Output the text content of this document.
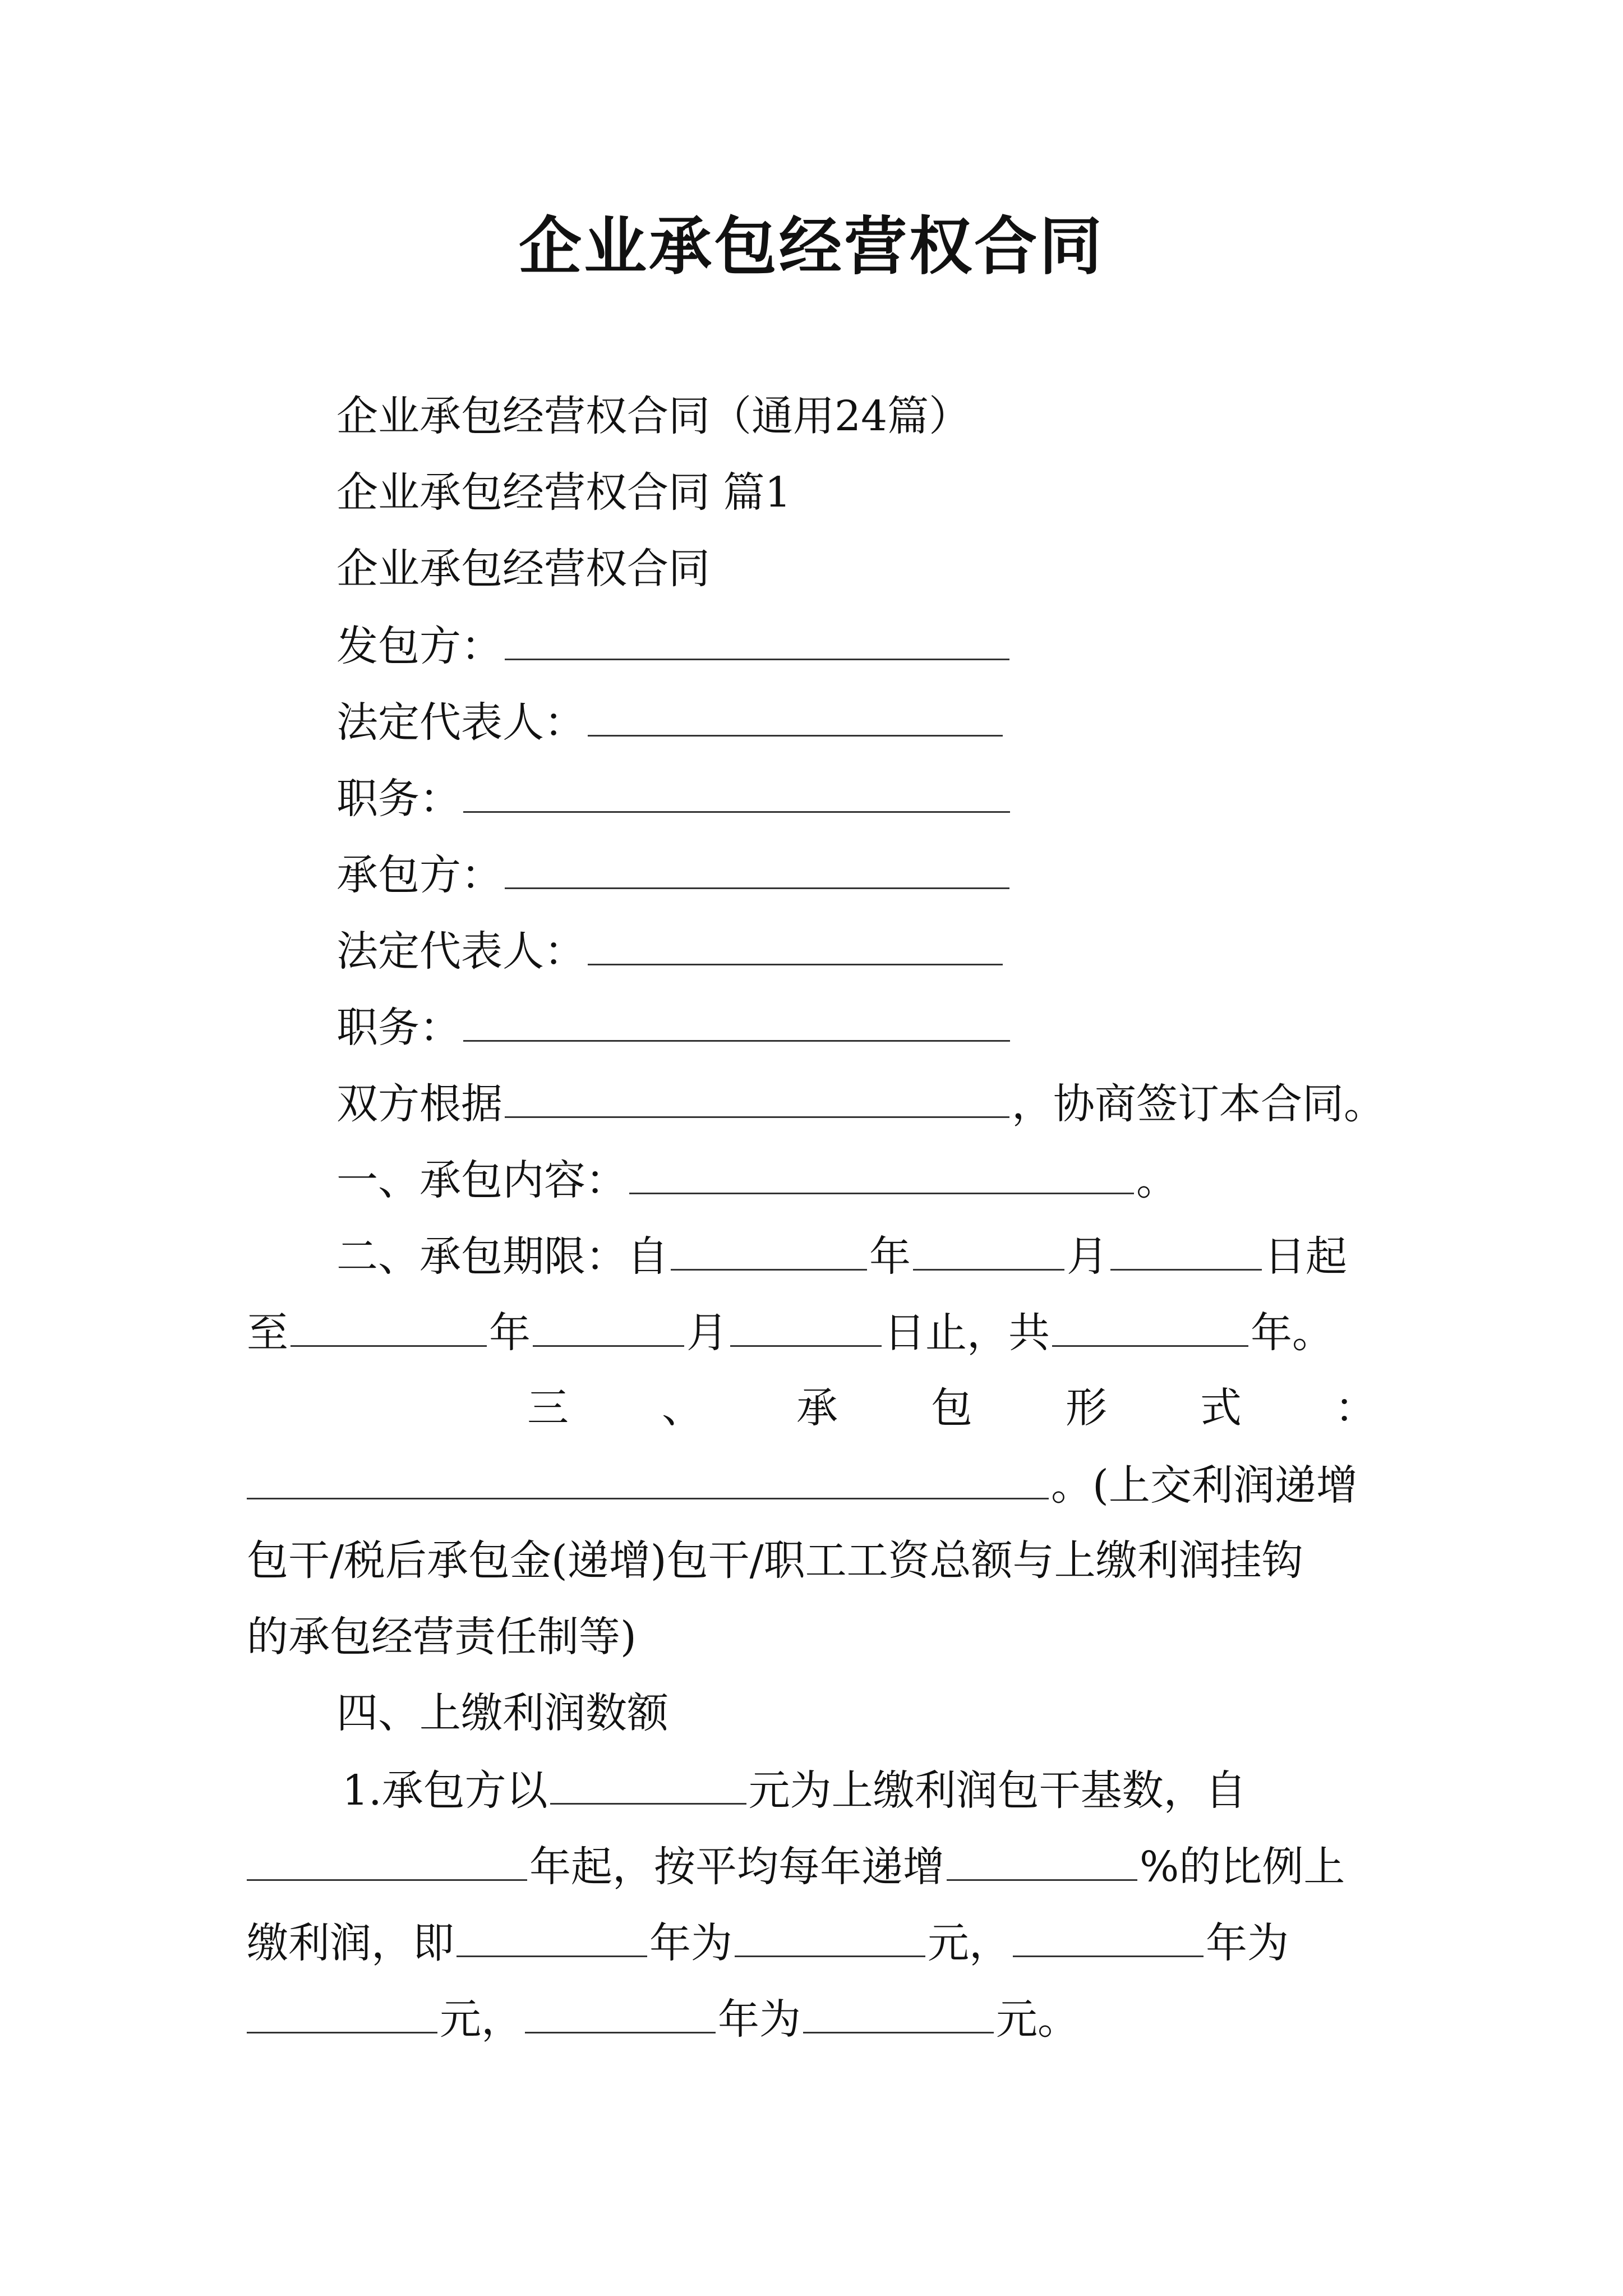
企业承包经营权合同
企业承包经营权合同（通用24篇）
企业承包经营权合同 篇1
企业承包经营权合同
发包方：
法定代表人：
职务：
承包方：
法定代表人：
职务：
双方根据	，协商签订本合同。
一、承包内容：	。
二、承包期限：自	年	月	日起
至	年	月	日止，共	年。
三 、 承 包 形 式 ：
。(上交利润递增
包干/税后承包金(递增)包干/职工工资总额与上缴利润挂钩
的承包经营责任制等)
四、上缴利润数额
1.承包方以	元为上缴利润包干基数，自
年起，按平均每年递增	%的比例上
缴利润，即	年为	元，	年为
元，	年为	元。
